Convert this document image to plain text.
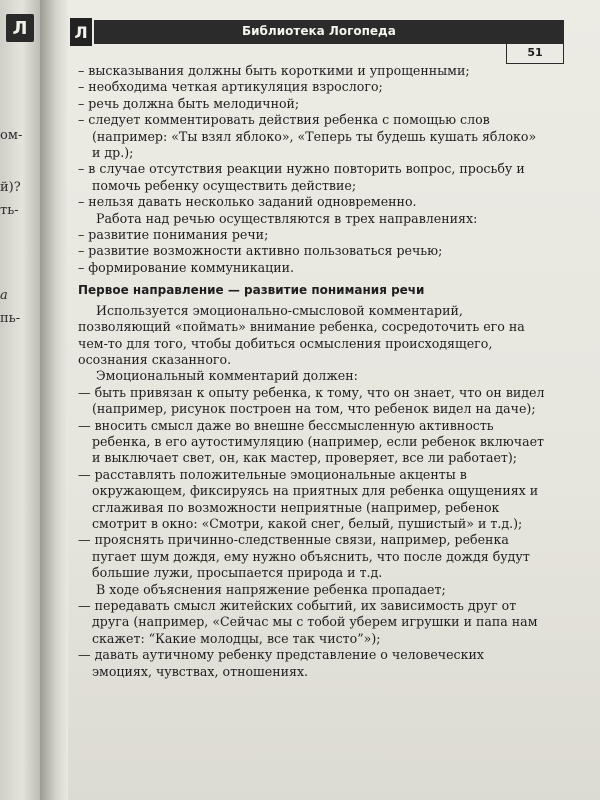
Л
ом-
й)?
ть-
а
пь-
Л	Библиотека Логопеда
51

– высказывания должны быть короткими и упрощенными;

– необходима четкая артикуляция взрослого;

– речь должна быть мелодичной;

– следует комментировать действия ребенка с помощью слов (например: «Ты взял яблоко», «Теперь ты будешь кушать яблоко» и др.);

– в случае отсутствия реакции нужно повторить вопрос, просьбу и помочь ребенку осуществить действие;

– нельзя давать несколько заданий одновременно.

Работа над речью осуществляются в трех направлениях:

– развитие понимания речи;

– развитие возможности активно пользоваться речью;

– формирование коммуникации.

Первое направление — развитие понимания речи

Используется эмоционально-смысловой комментарий, позволяющий «поймать» внимание ребенка, сосредоточить его на чем-то для того, чтобы добиться осмысления происходящего, осознания сказанного.

Эмоциональный комментарий должен:

— быть привязан к опыту ребенка, к тому, что он знает, что он видел (например, рисунок построен на том, что ребенок видел на даче);

— вносить смысл даже во внешне бессмысленную активность ребенка, в его аутостимуляцию (например, если ребенок включает и выключает свет, он, как мастер, проверяет, все ли работает);

— расставлять положительные эмоциональные акценты в окружающем, фиксируясь на приятных для ребенка ощущениях и сглаживая по возможности неприятные (например, ребенок смотрит в окно: «Смотри, какой снег, белый, пушистый» и т.д.);

— прояснять причинно-следственные связи, например, ребенка пугает шум дождя, ему нужно объяснить, что после дождя будут большие лужи, просыпается природа и т.д.

В ходе объяснения напряжение ребенка пропадает;

— передавать смысл житейских событий, их зависимость друг от друга (например, «Сейчас мы с тобой уберем игрушки и папа нам скажет: “Какие молодцы, все так чисто”»);

— давать аутичному ребенку представление о человеческих эмоциях, чувствах, отношениях.
